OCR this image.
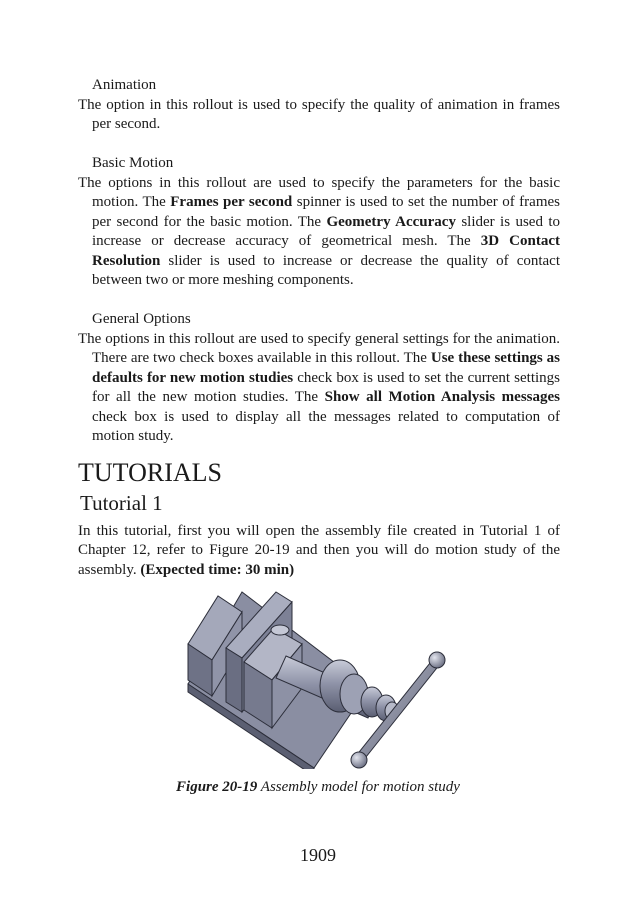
Animation

The option in this rollout is used to specify the quality of animation in frames per second.

Basic Motion

The options in this rollout are used to specify the parameters for the basic motion. The Frames per second spinner is used to set the number of frames per second for the basic motion. The Geometry Accuracy slider is used to increase or decrease accuracy of geometrical mesh. The 3D Contact Resolution slider is used to increase or decrease the quality of contact between two or more meshing components.

General Options

The options in this rollout are used to specify general settings for the animation. There are two check boxes available in this rollout. The Use these settings as defaults for new motion studies check box is used to set the current settings for all the new motion studies. The Show all Motion Analysis messages check box is used to display all the messages related to computation of motion study.

TUTORIALS
Tutorial 1

In this tutorial, first you will open the assembly file created in Tutorial 1 of Chapter 12, refer to Figure 20-19 and then you will do motion study of the assembly. (Expected time: 30 min)

Figure 20-19 Assembly model for motion study
1909
